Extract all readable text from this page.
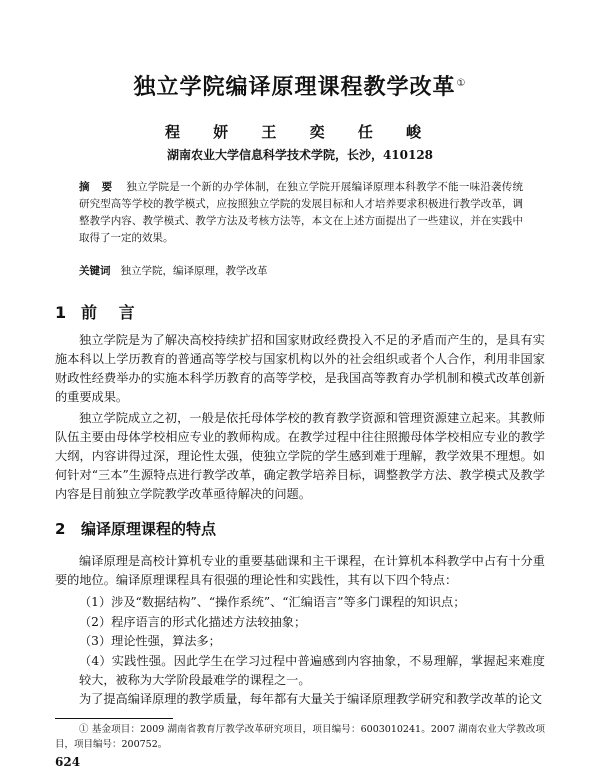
独立学院编译原理课程教学改革①
程 妍 王 奕 任 峻
湖南农业大学信息科学技术学院，长沙，410128
摘 要 独立学院是一个新的办学体制，在独立学院开展编译原理本科教学不能一味沿袭传统研究型高等学校的教学模式，应按照独立学院的发展目标和人才培养要求积极进行教学改革，调整教学内容、教学模式、教学方法及考核方法等，本文在上述方面提出了一些建议，并在实践中取得了一定的效果。
关键词 独立学院，编译原理，教学改革
1 前 言

独立学院是为了解决高校持续扩招和国家财政经费投入不足的矛盾而产生的，是具有实施本科以上学历教育的普通高等学校与国家机构以外的社会组织或者个人合作，利用非国家财政性经费举办的实施本科学历教育的高等学校，是我国高等教育办学机制和模式改革创新的重要成果。

独立学院成立之初，一般是依托母体学校的教育教学资源和管理资源建立起来。其教师队伍主要由母体学校相应专业的教师构成。在教学过程中往往照搬母体学校相应专业的教学大纲，内容讲得过深，理论性太强，使独立学院的学生感到难于理解，教学效果不理想。如何针对“三本”生源特点进行教学改革，确定教学培养目标，调整教学方法、教学模式及教学内容是目前独立学院教学改革亟待解决的问题。

2 编译原理课程的特点

编译原理是高校计算机专业的重要基础课和主干课程，在计算机本科教学中占有十分重要的地位。编译原理课程具有很强的理论性和实践性，其有以下四个特点：

（1）涉及“数据结构”、“操作系统”、“汇编语言”等多门课程的知识点；
（2）程序语言的形式化描述方法较抽象；
（3）理论性强，算法多；
（4）实践性强。因此学生在学习过程中普遍感到内容抽象，不易理解，掌握起来难度较大，被称为大学阶段最难学的课程之一。

为了提高编译原理的教学质量，每年都有大量关于编译原理教学研究和教学改革的论文

① 基金项目：2009 湖南省教育厅教学改革研究项目，项目编号：6003010241。2007 湖南农业大学教改项目，项目编号：200752。
624
